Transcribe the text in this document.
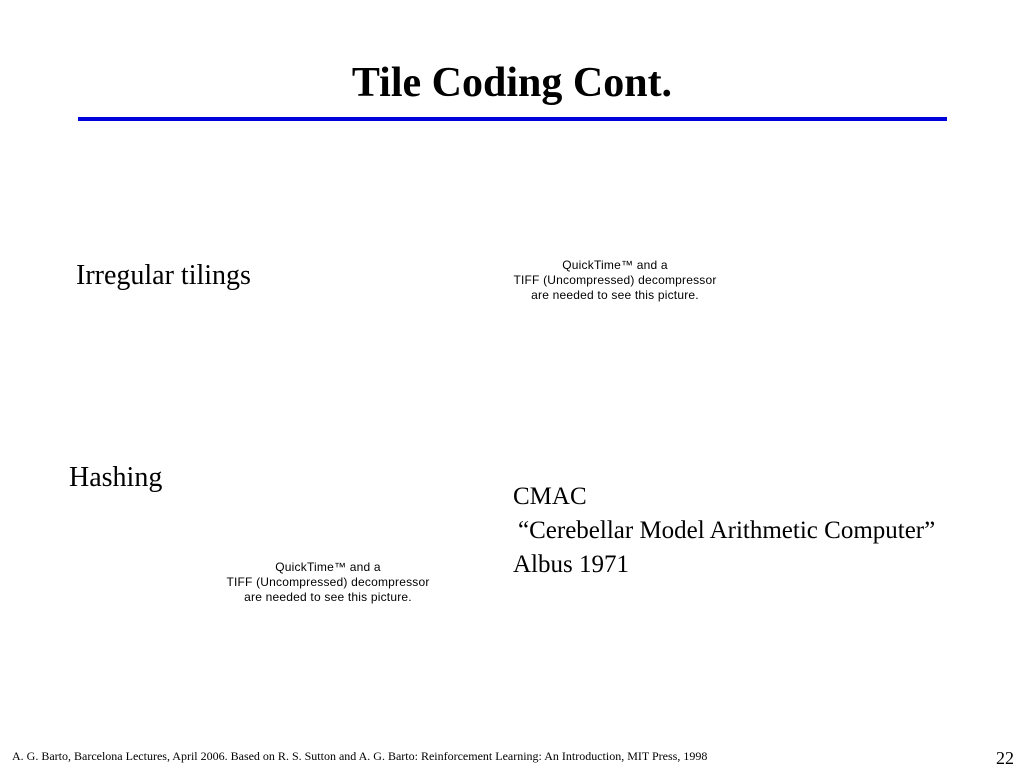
Tile Coding Cont.
Irregular tilings	QuickTime™ and a
TIFF (Uncompressed) decompressor
are needed to see this picture.
Hashing
CMAC
“Cerebellar Model Arithmetic Computer”
Albus 1971
QuickTime™ and a
TIFF (Uncompressed) decompressor
are needed to see this picture.
A. G. Barto, Barcelona Lectures, April 2006. Based on R. S. Sutton and A. G. Barto: Reinforcement Learning: An Introduction, MIT Press, 1998	22
